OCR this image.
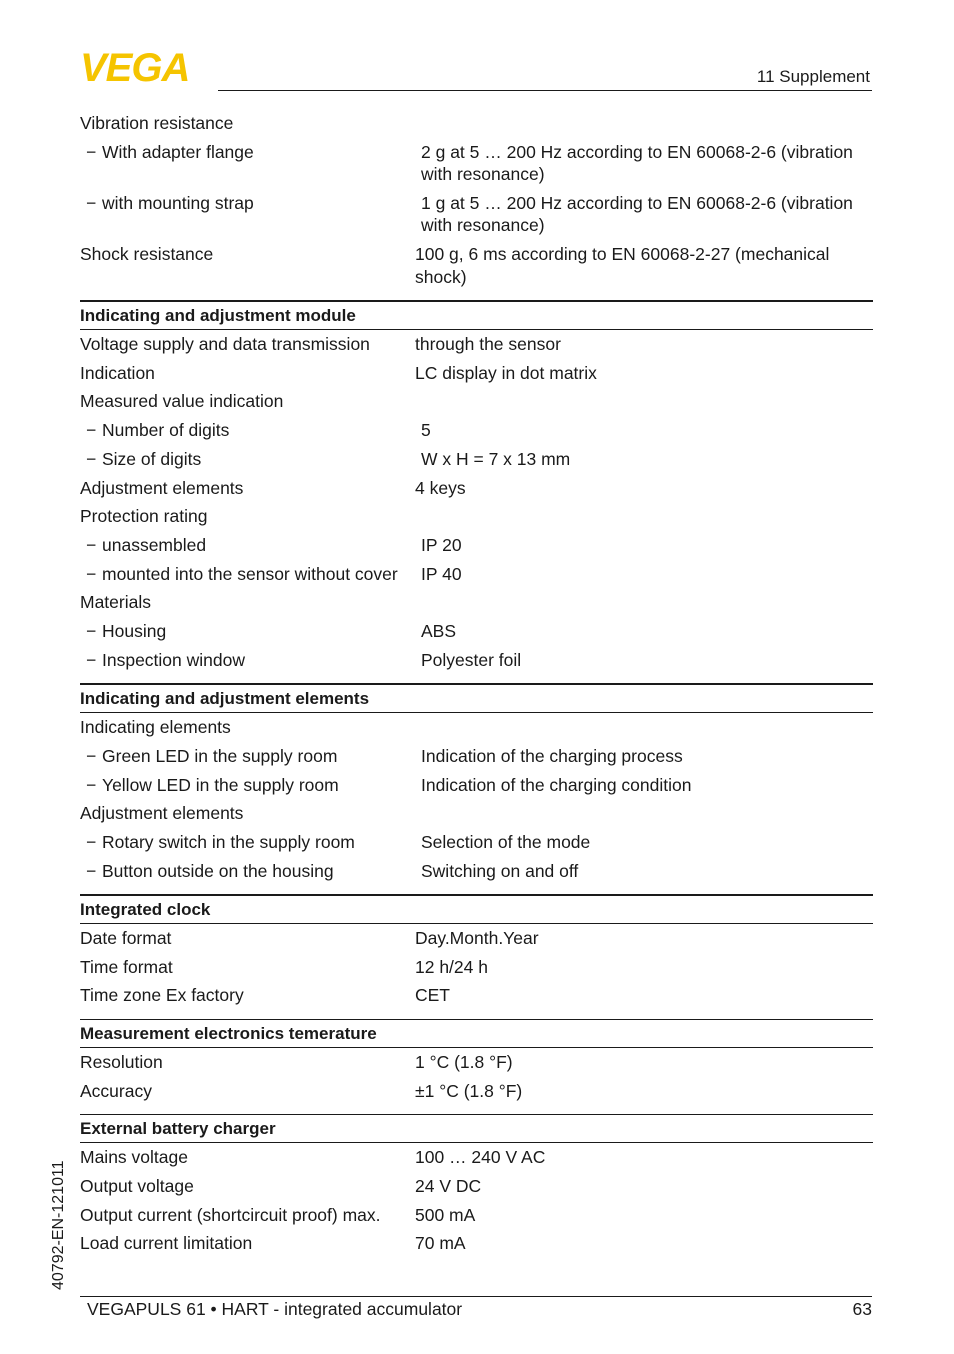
VEGA	11 Supplement
Vibration resistance
− With adapter flange	2 g at 5 … 200 Hz according to EN 60068-2-6 (vibration with resonance)
− with mounting strap	1 g at 5 … 200 Hz according to EN 60068-2-6 (vibration with resonance)
Shock resistance	100 g, 6 ms according to EN 60068-2-27 (mechanical shock)
Indicating and adjustment module
Voltage supply and data transmission	through the sensor
Indication	LC display in dot matrix
Measured value indication
− Number of digits	5
− Size of digits	W x H = 7 x 13 mm
Adjustment elements	4 keys
Protection rating
− unassembled	IP 20
− mounted into the sensor without cover	IP 40
Materials
− Housing	ABS
− Inspection window	Polyester foil
Indicating and adjustment elements
Indicating elements
− Green LED in the supply room	Indication of the charging process
− Yellow LED in the supply room	Indication of the charging condition
Adjustment elements
− Rotary switch in the supply room	Selection of the mode
− Button outside on the housing	Switching on and off
Integrated clock
Date format	Day.Month.Year
Time format	12 h/24 h
Time zone Ex factory	CET
Measurement electronics temerature
Resolution	1 °C (1.8 °F)
Accuracy	±1 °C (1.8 °F)
External battery charger
Mains voltage	100 … 240 V AC
Output voltage	24 V DC
Output current (shortcircuit proof) max.	500 mA
Load current limitation	70 mA
40792-EN-121011
VEGAPULS 61 • HART - integrated accumulator	63
